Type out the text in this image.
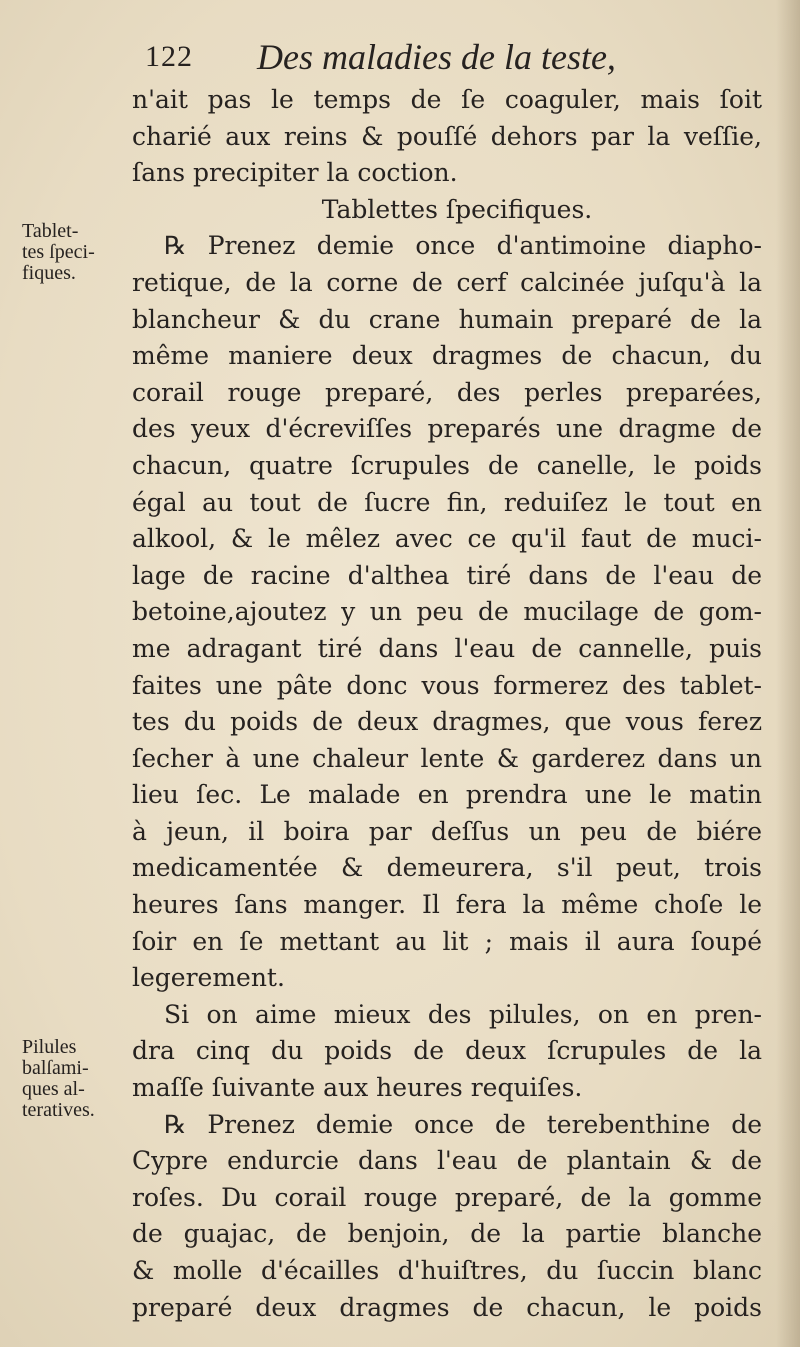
122 Des maladies de la teste,
Tablet-
tes ſpeci-
fiques.
Pilules
balſami-
ques al-
teratives.
n'ait pas le temps de ſe coaguler, mais ſoit
charié aux reins & pouſſé dehors par la veſſie,
ſans precipiter la coction.
Tablettes ſpecifiques.
℞ Prenez demie once d'antimoine diapho-
retique, de la corne de cerf calcinée juſqu'à la
blancheur & du crane humain preparé de la
même maniere deux dragmes de chacun, du
corail rouge preparé, des perles preparées,
des yeux d'écreviſſes preparés une dragme de
chacun, quatre ſcrupules de canelle, le poids
égal au tout de ſucre fin, reduiſez le tout en
alkool, & le mêlez avec ce qu'il faut de muci-
lage de racine d'althea tiré dans de l'eau de
betoine,ajoutez y un peu de mucilage de gom-
me adragant tiré dans l'eau de cannelle, puis
faites une pâte donc vous formerez des tablet-
tes du poids de deux dragmes, que vous ferez
ſecher à une chaleur lente & garderez dans un
lieu ſec. Le malade en prendra une le matin
à jeun, il boira par deſſus un peu de biére
medicamentée & demeurera, s'il peut, trois
heures ſans manger. Il fera la même choſe le
ſoir en ſe mettant au lit ; mais il aura ſoupé
legerement.
Si on aime mieux des pilules, on en pren-
dra cinq du poids de deux ſcrupules de la
maſſe ſuivante aux heures requiſes.
℞ Prenez demie once de terebenthine de
Cypre endurcie dans l'eau de plantain & de
roſes. Du corail rouge preparé, de la gomme
de guajac, de benjoin, de la partie blanche
& molle d'écailles d'huiſtres, du ſuccin blanc
preparé deux dragmes de chacun, le poids
